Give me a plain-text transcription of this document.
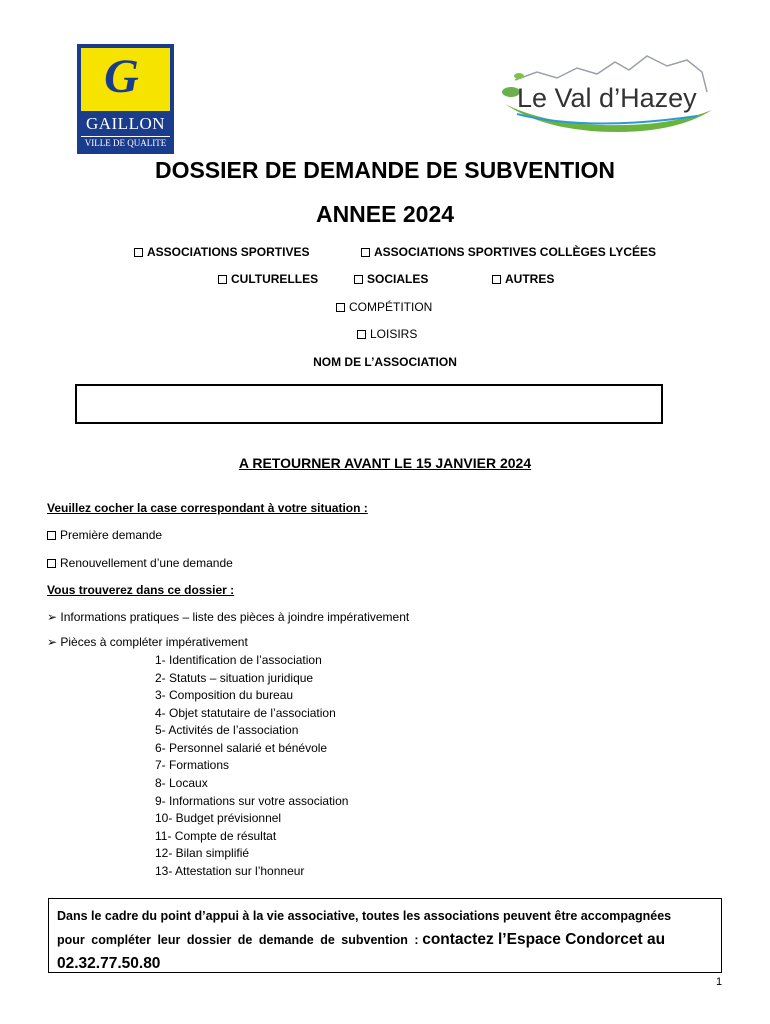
G
GAILLON
VILLE DE QUALITE
Le Val d’Hazey
DOSSIER DE DEMANDE DE SUBVENTION
ANNEE 2024
ASSOCIATIONS SPORTIVES	ASSOCIATIONS SPORTIVES COLLÈGES LYCÉES
CULTURELLES	SOCIALES	AUTRES
COMPÉTITION
LOISIRS
NOM DE L’ASSOCIATION
A RETOURNER AVANT LE 15 JANVIER 2024
Veuillez cocher la case correspondant à votre situation :
Première demande
Renouvellement d’une demande
Vous trouverez dans ce dossier :
➢ Informations pratiques – liste des pièces à joindre impérativement
➢ Pièces à compléter impérativement
1- Identification de l’association
2- Statuts – situation juridique
3- Composition du bureau
4- Objet statutaire de l’association
5- Activités de l’association
6- Personnel salarié et bénévole
7- Formations
8- Locaux
9- Informations sur votre association
10- Budget prévisionnel
11- Compte de résultat
12- Bilan simplifié
13- Attestation sur l’honneur
Dans le cadre du point d’appui à la vie associative, toutes les associations peuvent être accompagnées
pour compléter leur dossier de demande de subvention : contactez l’Espace Condorcet au
02.32.77.50.80
1
